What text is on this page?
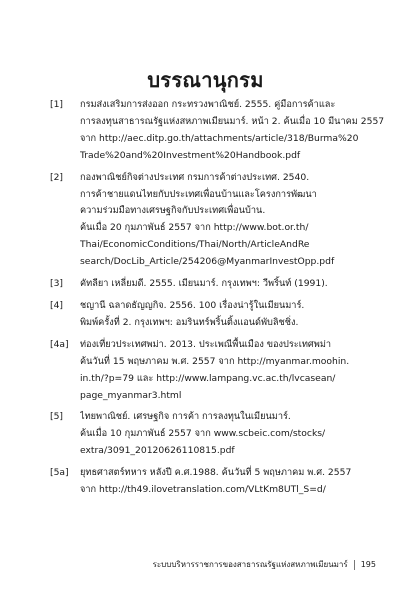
บรรณานุกรม
[1]	กรมส่งเสริมการส่งออก กระทรวงพาณิชย์. 2555. คู่มือการค้าและ
การลงทุนสาธารณรัฐแห่งสหภาพเมียนมาร์. หน้า 2. ค้นเมื่อ 10 มีนาคม 2557
จาก http://aec.ditp.go.th/attachments/article/318/Burma%20
Trade%20and%20Investment%20Handbook.pdf
[2]	กองพาณิชย์กิจต่างประเทศ กรมการค้าต่างประเทศ. 2540.
การค้าชายแดนไทยกับประเทศเพื่อนบ้านและโครงการพัฒนา
ความร่วมมือทางเศรษฐกิจกับประเทศเพื่อนบ้าน.
ค้นเมื่อ 20 กุมภาพันธ์ 2557 จาก http://www.bot.or.th/
Thai/EconomicConditions/Thai/North/ArticleAndRe
search/DocLib_Article/254206@MyanmarInvestOpp.pdf
[3]	คัทลียา เหลี่ยมดี. 2555. เมียนมาร์. กรุงเทพฯ: วีพริ้นท์ (1991).
[4]	ชญานี ฉลาดธัญญกิจ. 2556. 100 เรื่องน่ารู้ในเมียนมาร์.
พิมพ์ครั้งที่ 2. กรุงเทพฯ: อมรินทร์พริ้นติ้งแอนด์พับลิชชิ่ง.
[4a]	ท่องเที่ยวประเทศพม่า. 2013. ประเพณีพื้นเมือง ของประเทศพม่า
ค้นวันที่ 15 พฤษภาคม พ.ศ. 2557 จาก http://myanmar.moohin.
in.th/?p=79 และ http://www.lampang.vc.ac.th/lvcasean/
page_myanmar3.html
[5]	ไทยพาณิชย์. เศรษฐกิจ การค้า การลงทุนในเมียนมาร์.
ค้นเมื่อ 10 กุมภาพันธ์ 2557 จาก www.scbeic.com/stocks/
extra/3091_20120626110815.pdf
[5a]	ยุทธศาสตร์ทหาร หลังปี ค.ศ.1988. ค้นวันที่ 5 พฤษภาคม พ.ศ. 2557
จาก http://th49.ilovetranslation.com/VLtKm8UTl_S=d/
ระบบบริหารราชการของสาธารณรัฐแห่งสหภาพเมียนมาร์ 195
